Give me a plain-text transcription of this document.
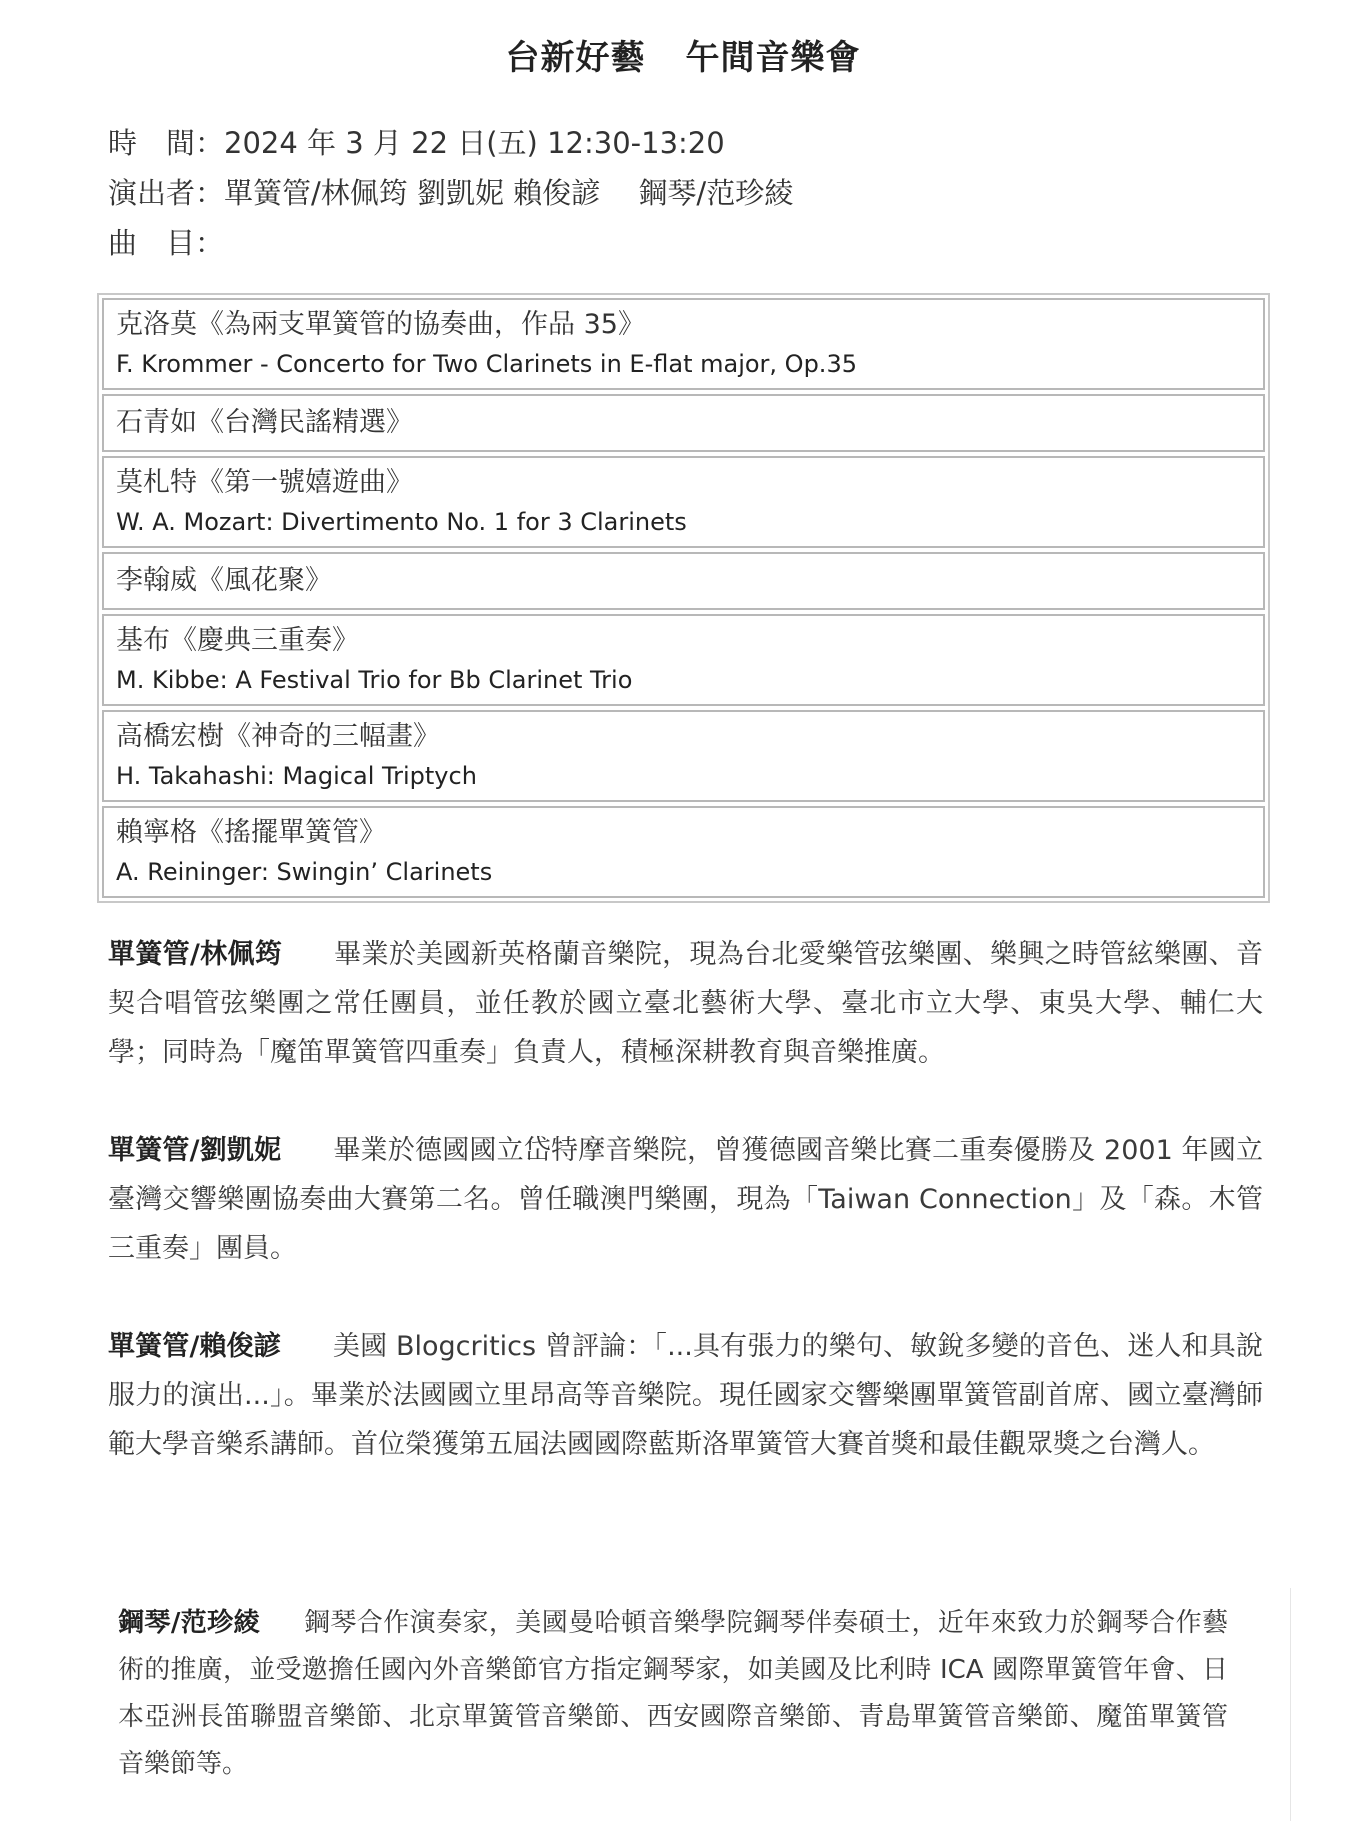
台新好藝 午間音樂會
時　間：2024 年 3 月 22 日(五) 12:30-13:20
演出者：單簧管/林佩筠 劉凱妮 賴俊諺　 鋼琴/范珍綾
曲　目：
克洛莫《為兩支單簧管的協奏曲，作品 35》
F. Krommer - Concerto for Two Clarinets in E-flat major, Op.35
石青如《台灣民謠精選》
莫札特《第一號嬉遊曲》
W. A. Mozart: Divertimento No. 1 for 3 Clarinets
李翰威《風花聚》
基布《慶典三重奏》
M. Kibbe: A Festival Trio for Bb Clarinet Trio
高橋宏樹《神奇的三幅畫》
H. Takahashi: Magical Triptych
賴寧格《搖擺單簧管》
A. Reininger: Swingin’ Clarinets
單簧管/林佩筠 畢業於美國新英格蘭音樂院，現為台北愛樂管弦樂團、樂興之時管絃樂團、音契合唱管弦樂團之常任團員，並任教於國立臺北藝術大學、臺北市立大學、東吳大學、輔仁大學；同時為「魔笛單簧管四重奏」負責人，積極深耕教育與音樂推廣。
單簧管/劉凱妮 畢業於德國國立岱特摩音樂院，曾獲德國音樂比賽二重奏優勝及 2001 年國立臺灣交響樂團協奏曲大賽第二名。曾任職澳門樂團，現為「Taiwan Connection」及「森。木管三重奏」團員。
單簧管/賴俊諺 美國 Blogcritics 曾評論：「...具有張力的樂句、敏銳多變的音色、迷人和具說服力的演出...」。畢業於法國國立里昂高等音樂院。現任國家交響樂團單簧管副首席、國立臺灣師範大學音樂系講師。首位榮獲第五屆法國國際藍斯洛單簧管大賽首獎和最佳觀眾獎之台灣人。
鋼琴/范珍綾 鋼琴合作演奏家，美國曼哈頓音樂學院鋼琴伴奏碩士，近年來致力於鋼琴合作藝術的推廣，並受邀擔任國內外音樂節官方指定鋼琴家，如美國及比利時 ICA 國際單簧管年會、日本亞洲長笛聯盟音樂節、北京單簧管音樂節、西安國際音樂節、青島單簧管音樂節、魔笛單簧管音樂節等。
